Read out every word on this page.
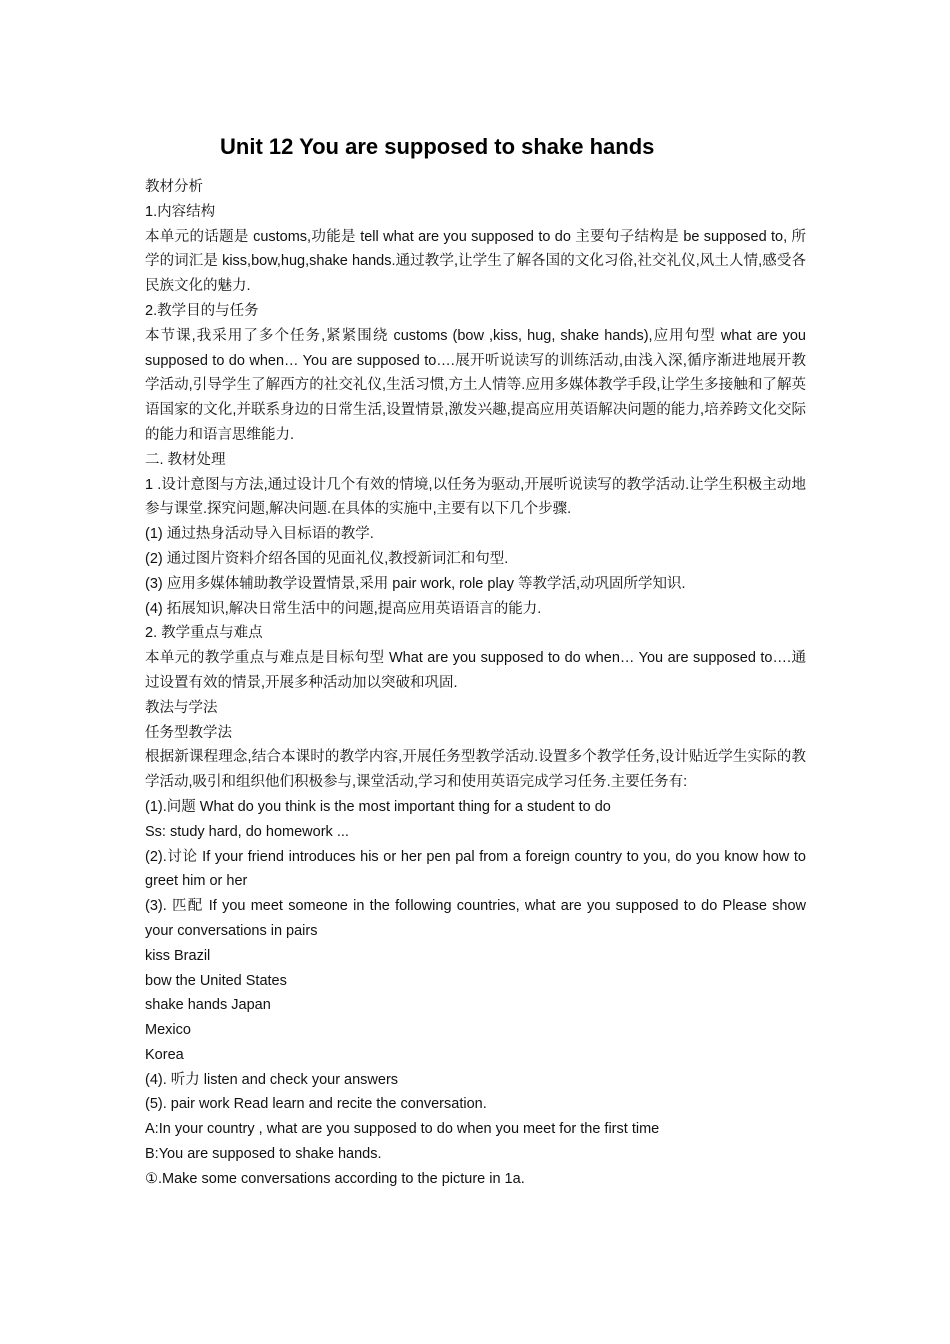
Unit 12 You are supposed to shake hands

教材分析

1.内容结构

本单元的话题是 customs,功能是 tell what are you supposed to do 主要句子结构是 be supposed to, 所学的词汇是 kiss,bow,hug,shake hands.通过教学,让学生了解各国的文化习俗,社交礼仪,风土人情,感受各民族文化的魅力.

2.教学目的与任务

本节课,我采用了多个任务,紧紧围绕 customs (bow ,kiss, hug, shake hands),应用句型 what are you supposed to do when… You are supposed to….展开听说读写的训练活动,由浅入深,循序渐进地展开教学活动,引导学生了解西方的社交礼仪,生活习惯,方土人情等.应用多媒体教学手段,让学生多接触和了解英语国家的文化,并联系身边的日常生活,设置情景,激发兴趣,提高应用英语解决问题的能力,培养跨文化交际的能力和语言思维能力.

二. 教材处理

1 .设计意图与方法,通过设计几个有效的情境,以任务为驱动,开展听说读写的教学活动.让学生积极主动地参与课堂.探究问题,解决问题.在具体的实施中,主要有以下几个步骤.

(1) 通过热身活动导入目标语的教学.

(2) 通过图片资料介绍各国的见面礼仪,教授新词汇和句型.

(3) 应用多媒体辅助教学设置情景,采用 pair work, role play 等教学活,动巩固所学知识.

(4) 拓展知识,解决日常生活中的问题,提高应用英语语言的能力.

2. 教学重点与难点

本单元的教学重点与难点是目标句型 What are you supposed to do when… You are supposed to….通过设置有效的情景,开展多种活动加以突破和巩固.

教法与学法

任务型教学法

根据新课程理念,结合本课时的教学内容,开展任务型教学活动.设置多个教学任务,设计贴近学生实际的教学活动,吸引和组织他们积极参与,课堂活动,学习和使用英语完成学习任务.主要任务有:

(1).问题 What do you think is the most important thing for a student to do

Ss: study hard, do homework ...

(2).讨论 If your friend introduces his or her pen pal from a foreign country to you, do you know how to greet him or her

(3). 匹配 If you meet someone in the following countries, what are you supposed to do Please show your conversations in pairs

kiss Brazil

bow the United States

shake hands Japan

Mexico

Korea

(4). 听力 listen and check your answers

(5). pair work Read learn and recite the conversation.

A:In your country , what are you supposed to do when you meet for the first time

B:You are supposed to shake hands.

①.Make some conversations according to the picture in 1a.
